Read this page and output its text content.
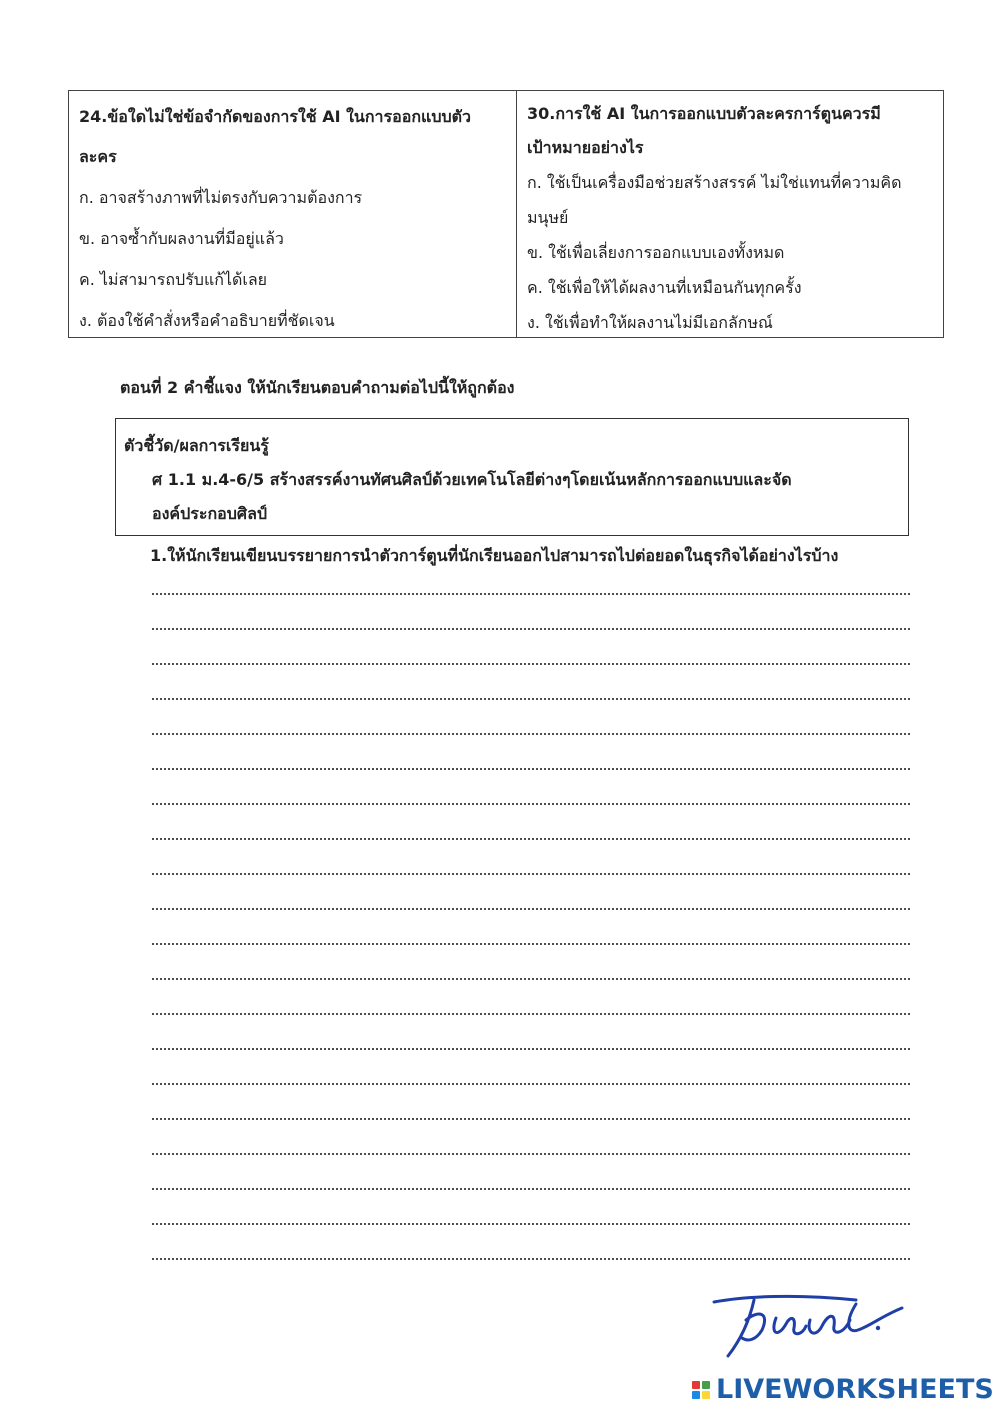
24.ข้อใดไม่ใช่ข้อจำกัดของการใช้ AI ในการออกแบบตัว
ละคร
ก. อาจสร้างภาพที่ไม่ตรงกับความต้องการ
ข. อาจซ้ำกับผลงานที่มีอยู่แล้ว
ค. ไม่สามารถปรับแก้ได้เลย
ง. ต้องใช้คำสั่งหรือคำอธิบายที่ชัดเจน
30.การใช้ AI ในการออกแบบตัวละครการ์ตูนควรมี
เป้าหมายอย่างไร
ก. ใช้เป็นเครื่องมือช่วยสร้างสรรค์ ไม่ใช่แทนที่ความคิด
มนุษย์
ข. ใช้เพื่อเลี่ยงการออกแบบเองทั้งหมด
ค. ใช้เพื่อให้ได้ผลงานที่เหมือนกันทุกครั้ง
ง. ใช้เพื่อทำให้ผลงานไม่มีเอกลักษณ์
ตอนที่ 2 คำชี้แจง ให้นักเรียนตอบคำถามต่อไปนี้ให้ถูกต้อง
ตัวชี้วัด/ผลการเรียนรู้
ศ 1.1 ม.4-6/5 สร้างสรรค์งานทัศนศิลป์ด้วยเทคโนโลยีต่างๆโดยเน้นหลักการออกแบบและจัด
องค์ประกอบศิลป์
1.ให้นักเรียนเขียนบรรยายการนำตัวการ์ตูนที่นักเรียนออกไปสามารถไปต่อยอดในธุรกิจได้อย่างไรบ้าง
LIVEWORKSHEETS
